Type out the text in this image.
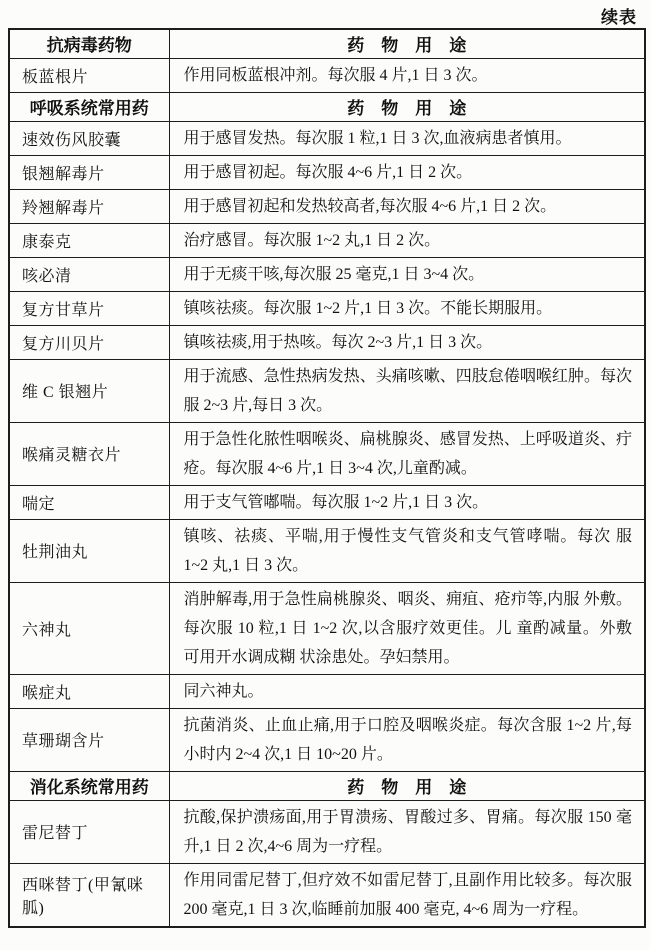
续表
抗病毒药物	药　物　用　途
板蓝根片	作用同板蓝根冲剂。每次服 4 片,1 日 3 次。
呼吸系统常用药	药　物　用　途
速效伤风胶囊	用于感冒发热。每次服 1 粒,1 日 3 次,血液病患者慎用。
银翘解毒片	用于感冒初起。每次服 4~6 片,1 日 2 次。
羚翘解毒片	用于感冒初起和发热较高者,每次服 4~6 片,1 日 2 次。
康泰克	治疗感冒。每次服 1~2 丸,1 日 2 次。
咳必清	用于无痰干咳,每次服 25 毫克,1 日 3~4 次。
复方甘草片	镇咳祛痰。每次服 1~2 片,1 日 3 次。不能长期服用。
复方川贝片	镇咳祛痰,用于热咳。每次 2~3 片,1 日 3 次。
维 C 银翘片	用于流感、急性热病发热、头痛咳嗽、四肢怠倦咽喉红肿。每次服 2~3 片,每日 3 次。
喉痛灵糖衣片	用于急性化脓性咽喉炎、扁桃腺炎、感冒发热、上呼吸道炎、疔疮。每次服 4~6 片,1 日 3~4 次,儿童酌减。
喘定	用于支气管嘟喘。每次服 1~2 片,1 日 3 次。
牡荆油丸	镇咳、祛痰、平喘,用于慢性支气管炎和支气管哮喘。每次 服 1~2 丸,1 日 3 次。
六神丸	消肿解毒,用于急性扁桃腺炎、咽炎、痈疽、疮疖等,内服 外敷。每次服 10 粒,1 日 1~2 次,以含服疗效更佳。儿 童酌减量。外敷可用开水调成糊 状涂患处。孕妇禁用。
喉症丸	同六神丸。
草珊瑚含片	抗菌消炎、止血止痛,用于口腔及咽喉炎症。每次含服 1~2 片,每小时内 2~4 次,1 日 10~20 片。
消化系统常用药	药　物　用　途
雷尼替丁	抗酸,保护溃疡面,用于胃溃疡、胃酸过多、胃痛。每次服 150 毫升,1 日 2 次,4~6 周为一疗程。
西咪替丁(甲氰咪胍)	作用同雷尼替丁,但疗效不如雷尼替丁,且副作用比较多。每次服 200 毫克,1 日 3 次,临睡前加服 400 毫克, 4~6 周为一疗程。
